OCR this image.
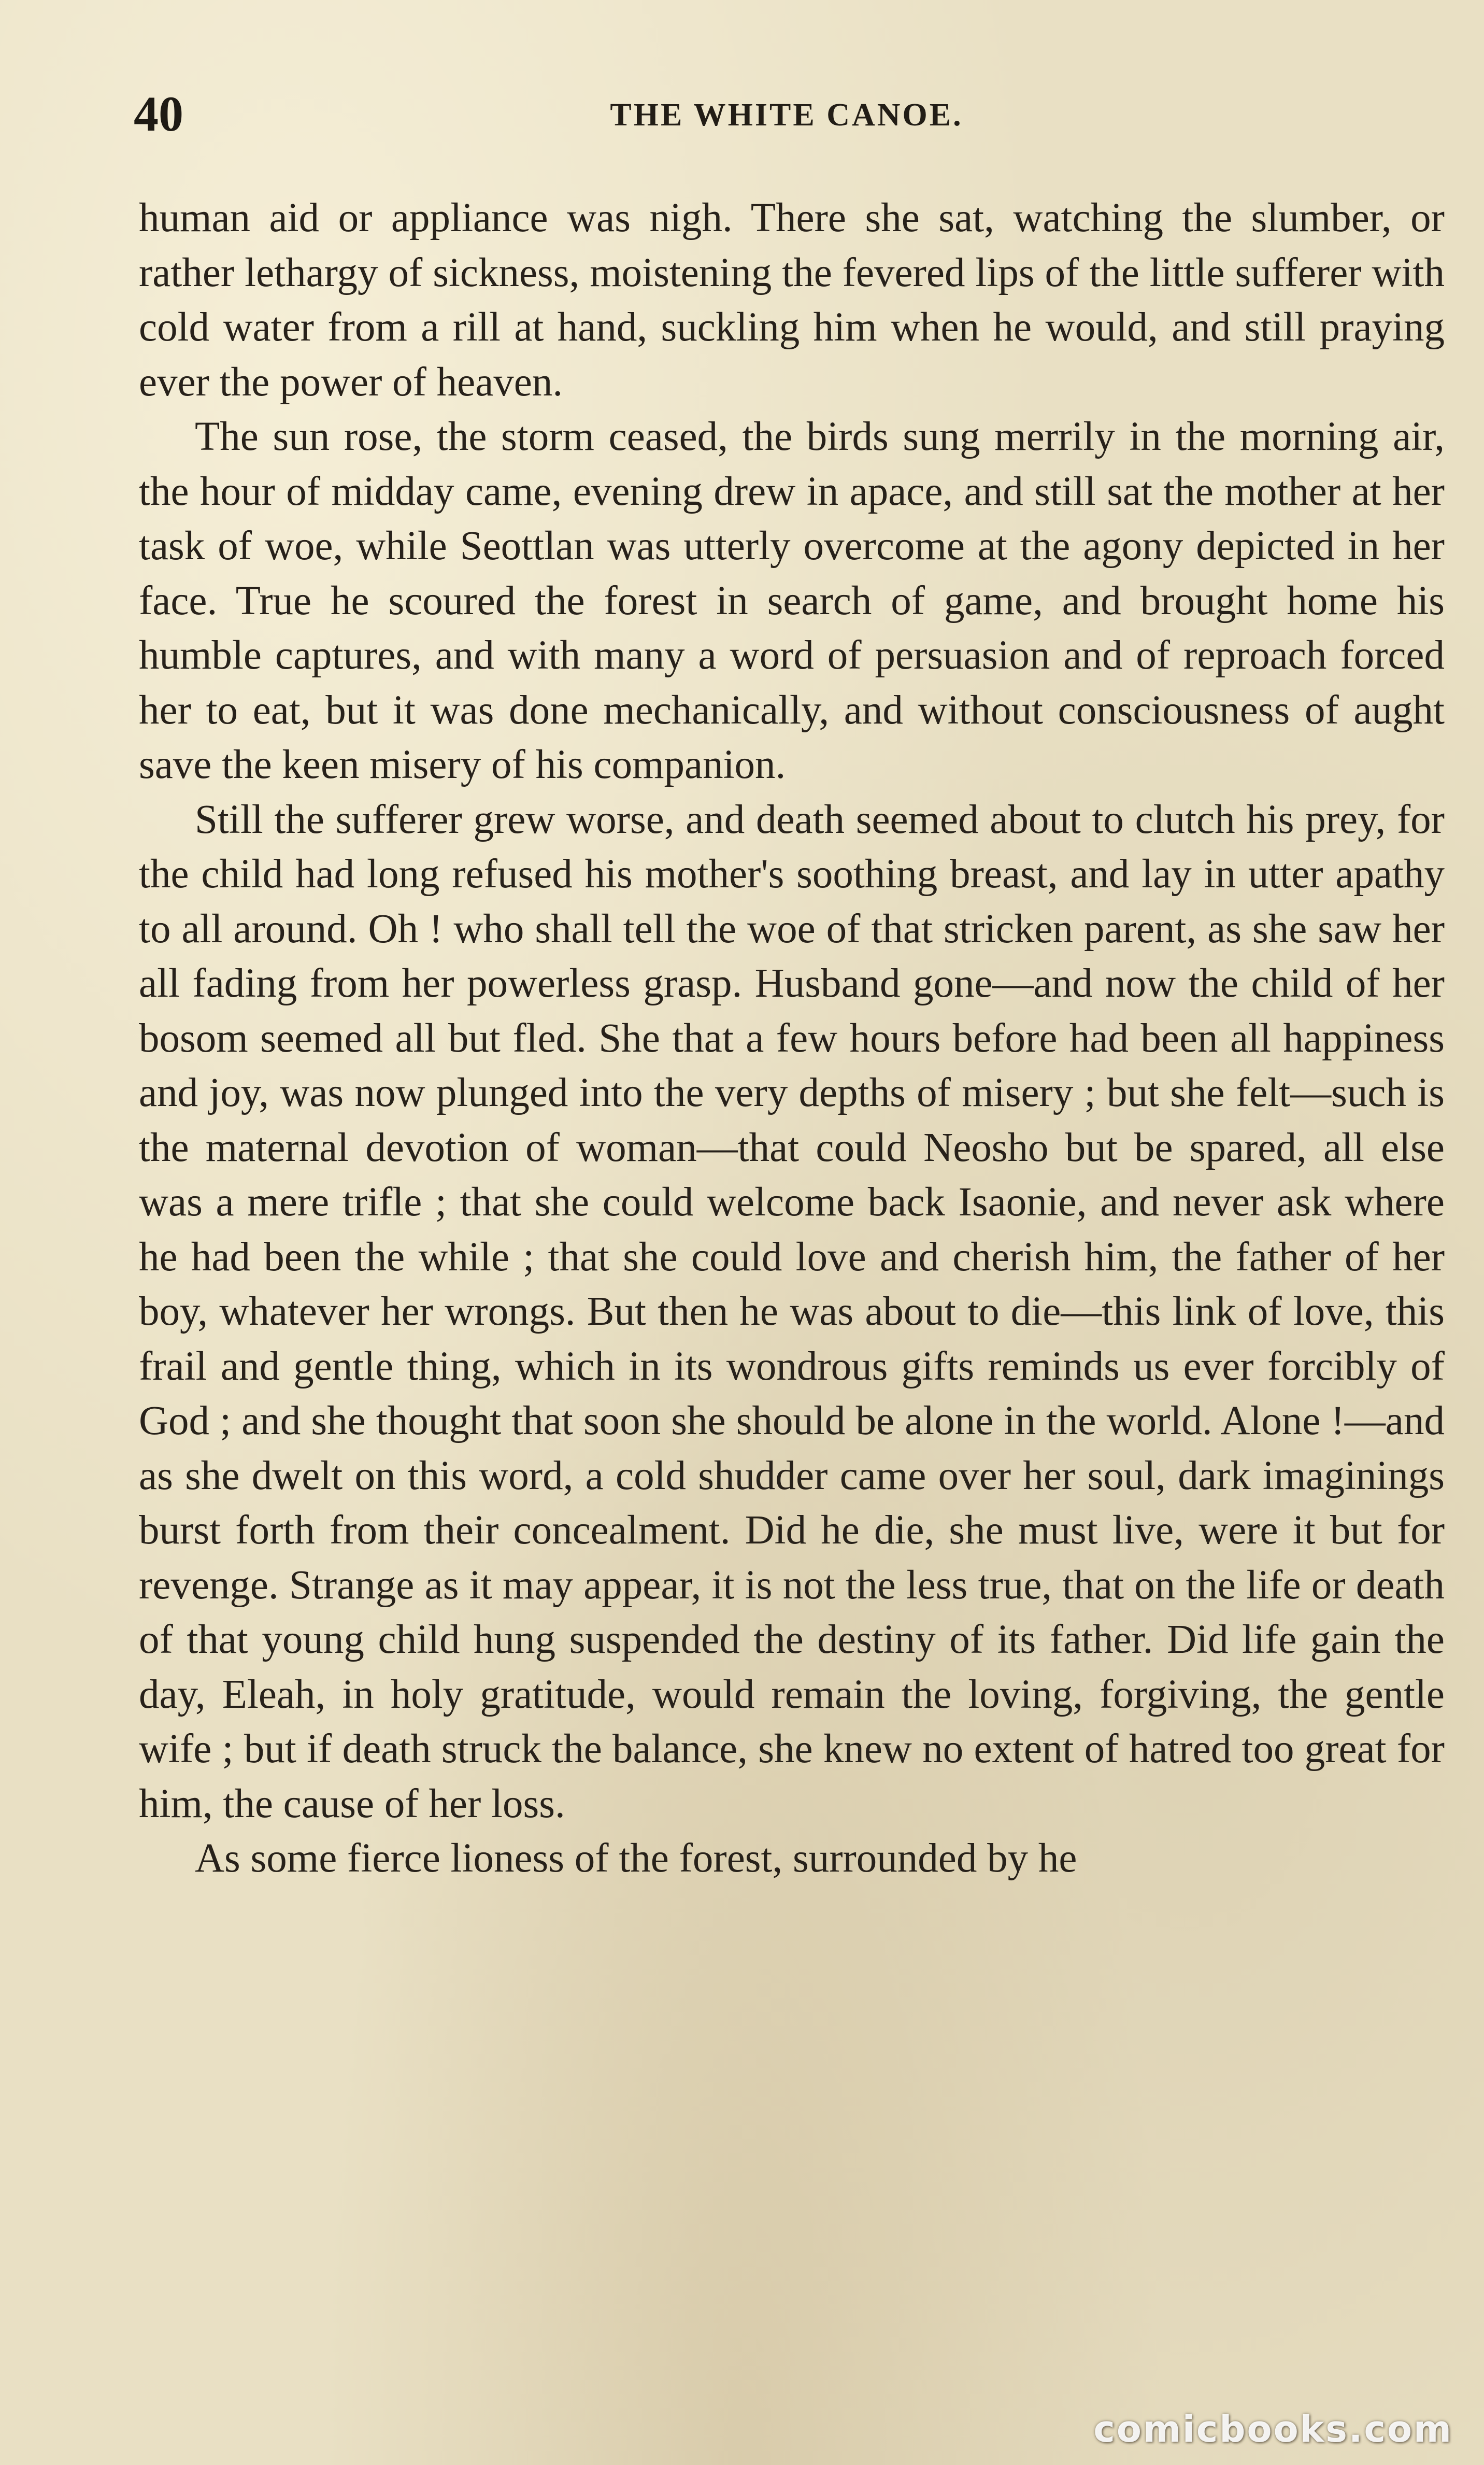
40	THE WHITE CANOE.

human aid or appliance was nigh. There she sat, watching the slumber, or rather lethargy of sickness, moistening the fevered lips of the little sufferer with cold water from a rill at hand, suckling him when he would, and still praying ever the power of heaven.

The sun rose, the storm ceased, the birds sung merrily in the morning air, the hour of midday came, evening drew in apace, and still sat the mother at her task of woe, while Seottlan was utterly overcome at the agony depicted in her face. True he scoured the forest in search of game, and brought home his humble captures, and with many a word of persuasion and of reproach forced her to eat, but it was done mechanically, and without consciousness of aught save the keen misery of his companion.

Still the sufferer grew worse, and death seemed about to clutch his prey, for the child had long refused his mother's soothing breast, and lay in utter apathy to all around. Oh ! who shall tell the woe of that stricken parent, as she saw her all fading from her powerless grasp. Husband gone—and now the child of her bosom seemed all but fled. She that a few hours before had been all happiness and joy, was now plunged into the very depths of misery ; but she felt—such is the maternal devotion of woman—that could Neosho but be spared, all else was a mere trifle ; that she could welcome back Isaonie, and never ask where he had been the while ; that she could love and cherish him, the father of her boy, whatever her wrongs. But then he was about to die—this link of love, this frail and gentle thing, which in its wondrous gifts reminds us ever forcibly of God ; and she thought that soon she should be alone in the world. Alone !—and as she dwelt on this word, a cold shudder came over her soul, dark imaginings burst forth from their concealment. Did he die, she must live, were it but for revenge. Strange as it may appear, it is not the less true, that on the life or death of that young child hung suspended the destiny of its father. Did life gain the day, Eleah, in holy gratitude, would remain the loving, forgiving, the gentle wife ; but if death struck the balance, she knew no extent of hatred too great for him, the cause of her loss.

As some fierce lioness of the forest, surrounded by he

comicbooks.com
